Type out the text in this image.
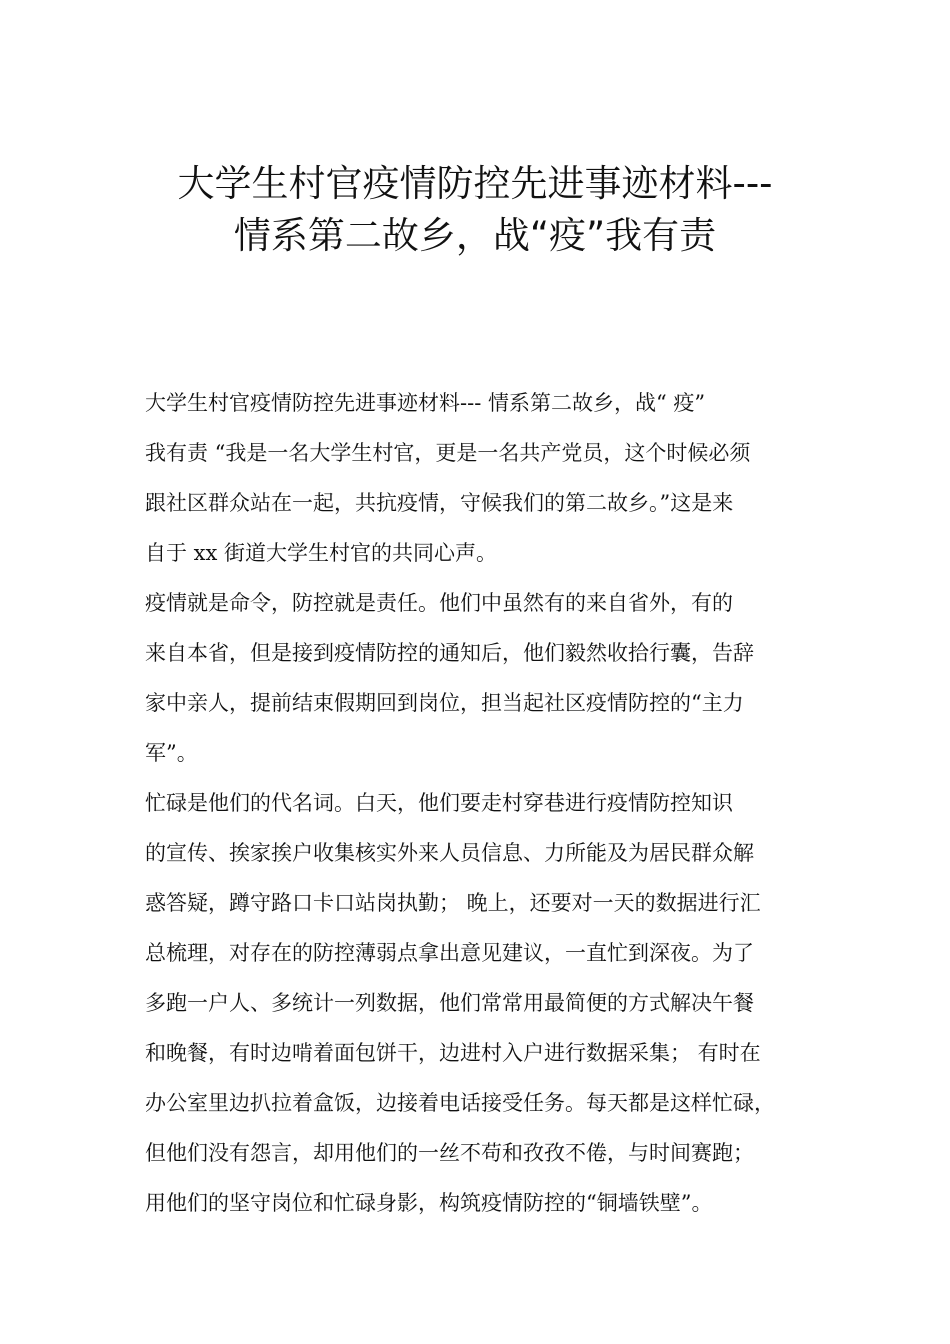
大学生村官疫情防控先进事迹材料---
情系第二故乡，战“疫”我有责
大学生村官疫情防控先进事迹材料--- 情系第二故乡，战“ 疫”
我有责 “我是一名大学生村官，更是一名共产党员，这个时候必须
跟社区群众站在一起，共抗疫情，守候我们的第二故乡。”这是来
自于 xx 街道大学生村官的共同心声。
疫情就是命令，防控就是责任。他们中虽然有的来自省外，有的
来自本省，但是接到疫情防控的通知后，他们毅然收拾行囊，告辞
家中亲人，提前结束假期回到岗位，担当起社区疫情防控的“主力
军”。
忙碌是他们的代名词。白天，他们要走村穿巷进行疫情防控知识
的宣传、挨家挨户收集核实外来人员信息、力所能及为居民群众解
惑答疑，蹲守路口卡口站岗执勤； 晚上，还要对一天的数据进行汇
总梳理，对存在的防控薄弱点拿出意见建议，一直忙到深夜。为了
多跑一户人、多统计一列数据，他们常常用最简便的方式解决午餐
和晚餐，有时边啃着面包饼干，边进村入户进行数据采集； 有时在
办公室里边扒拉着盒饭，边接着电话接受任务。每天都是这样忙碌，
但他们没有怨言，却用他们的一丝不苟和孜孜不倦，与时间赛跑；
用他们的坚守岗位和忙碌身影，构筑疫情防控的“铜墙铁壁”。
